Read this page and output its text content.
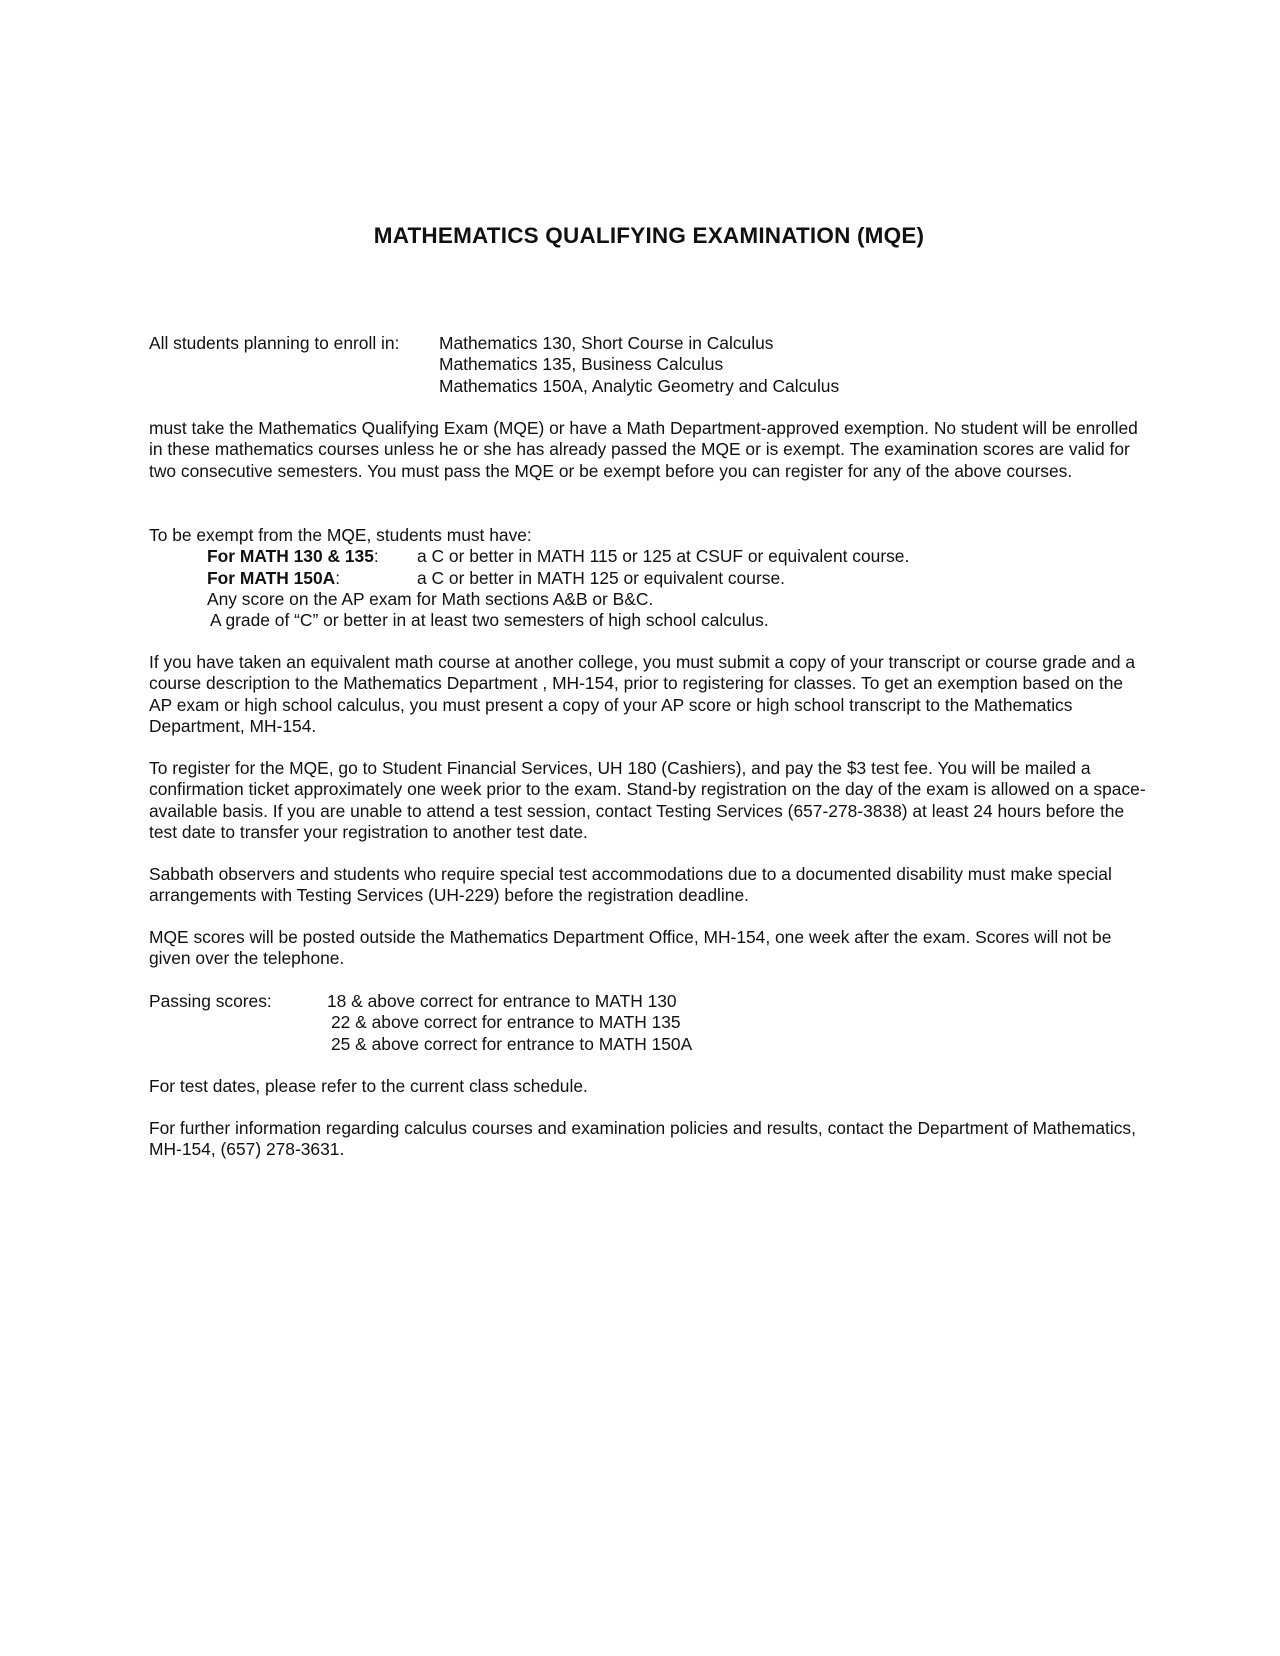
MATHEMATICS QUALIFYING EXAMINATION (MQE)
All students planning to enroll in: Mathematics 130, Short Course in Calculus
Mathematics 135, Business Calculus
Mathematics 150A, Analytic Geometry and Calculus

must take the Mathematics Qualifying Exam (MQE) or have a Math Department-approved exemption. No student will be enrolled in these mathematics courses unless he or she has already passed the MQE or is exempt. The examination scores are valid for two consecutive semesters. You must pass the MQE or be exempt before you can register for any of the above courses.

To be exempt from the MQE, students must have:

For MATH 130 & 135: a C or better in MATH 115 or 125 at CSUF or equivalent course.
For MATH 150A:	a C or better in MATH 125 or equivalent course.
Any score on the AP exam for Math sections A&B or B&C.
A grade of “C” or better in at least two semesters of high school calculus.

If you have taken an equivalent math course at another college, you must submit a copy of your transcript or course grade and a course description to the Mathematics Department , MH-154, prior to registering for classes. To get an exemption based on the AP exam or high school calculus, you must present a copy of your AP score or high school transcript to the Mathematics Department, MH-154.

To register for the MQE, go to Student Financial Services, UH 180 (Cashiers), and pay the $3 test fee. You will be mailed a confirmation ticket approximately one week prior to the exam. Stand-by registration on the day of the exam is allowed on a space-available basis. If you are unable to attend a test session, contact Testing Services (657-278-3838) at least 24 hours before the test date to transfer your registration to another test date.

Sabbath observers and students who require special test accommodations due to a documented disability must make special arrangements with Testing Services (UH-229) before the registration deadline.

MQE scores will be posted outside the Mathematics Department Office, MH-154, one week after the exam. Scores will not be given over the telephone.

Passing scores:	18 & above correct for entrance to MATH 130
22 & above correct for entrance to MATH 135
25 & above correct for entrance to MATH 150A

For test dates, please refer to the current class schedule.

For further information regarding calculus courses and examination policies and results, contact the Department of Mathematics, MH-154, (657) 278-3631.
